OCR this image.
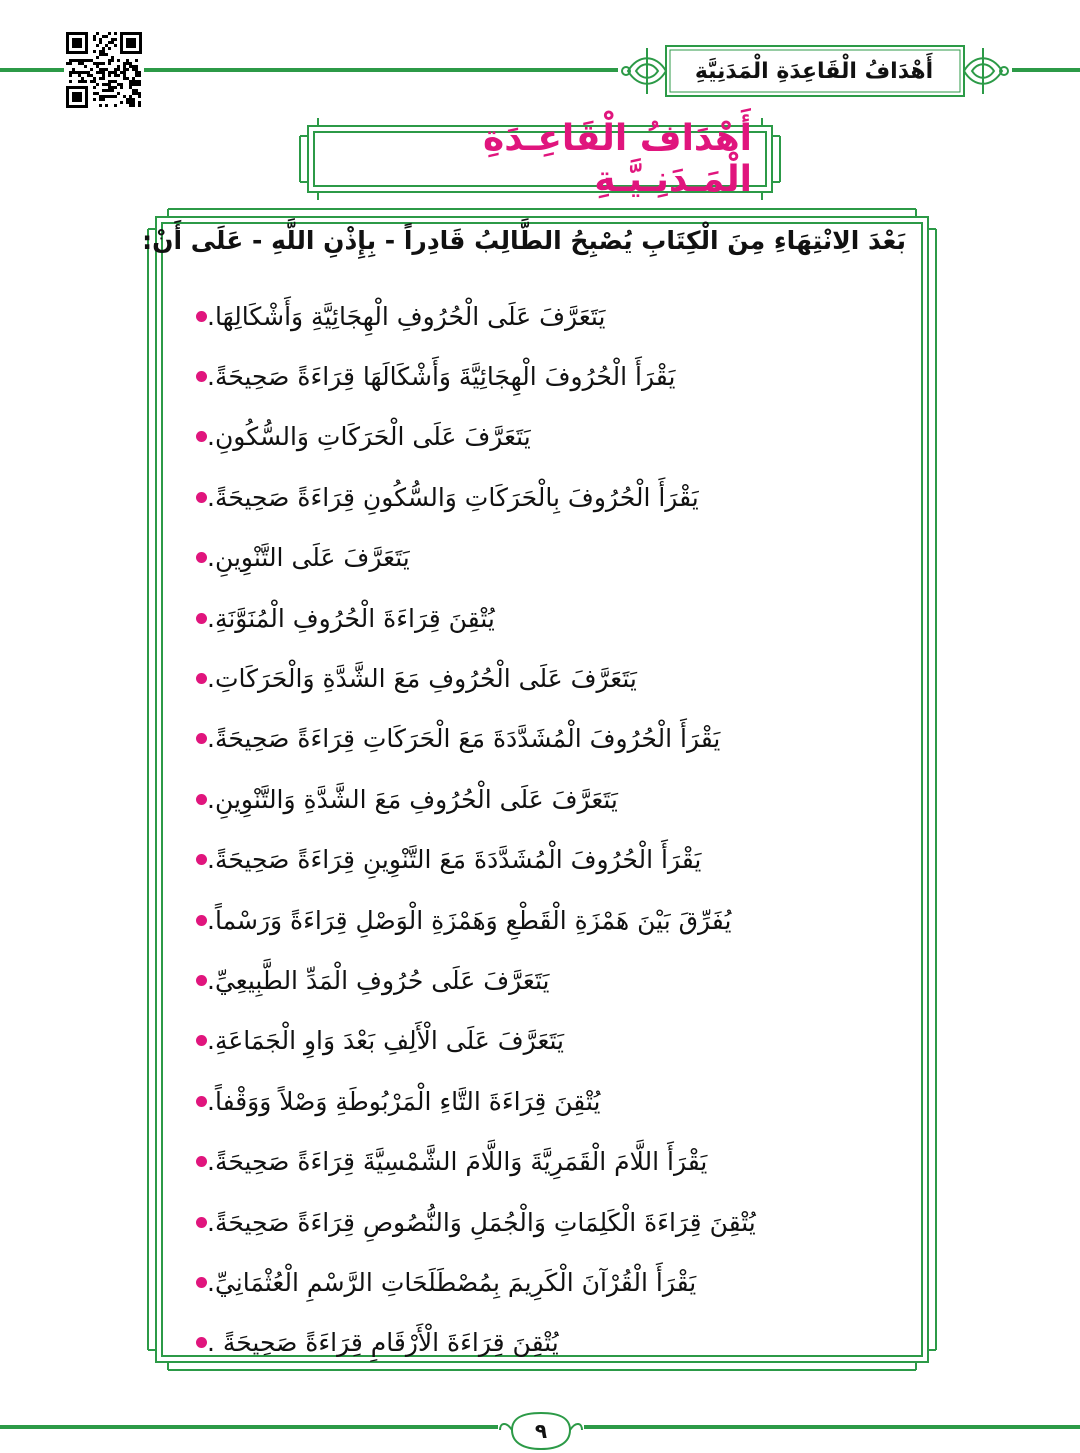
أَهْدَافُ الْقَاعِدَةِ الْمَدَنِيَّةِ
أَهْدَافُ الْقَاعِـدَةِ الْمَـدَنِـيَّـةِ
بَعْدَ الِانْتِهَاءِ مِنَ الْكِتَابِ يُصْبِحُ الطَّالِبُ قَادِراً - بِإِذْنِ اللَّهِ - عَلَى أَنْ:
يَتَعَرَّفَ عَلَى الْحُرُوفِ الْهِجَائِيَّةِ وَأَشْكَالِهَا.
يَقْرَأَ الْحُرُوفَ الْهِجَائِيَّةَ وَأَشْكَالَهَا قِرَاءَةً صَحِيحَةً.
يَتَعَرَّفَ عَلَى الْحَرَكَاتِ وَالسُّكُونِ.
يَقْرَأَ الْحُرُوفَ بِالْحَرَكَاتِ وَالسُّكُونِ قِرَاءَةً صَحِيحَةً.
يَتَعَرَّفَ عَلَى التَّنْوِينِ.
يُتْقِنَ قِرَاءَةَ الْحُرُوفِ الْمُنَوَّنَةِ.
يَتَعَرَّفَ عَلَى الْحُرُوفِ مَعَ الشَّدَّةِ وَالْحَرَكَاتِ.
يَقْرَأَ الْحُرُوفَ الْمُشَدَّدَةَ مَعَ الْحَرَكَاتِ قِرَاءَةً صَحِيحَةً.
يَتَعَرَّفَ عَلَى الْحُرُوفِ مَعَ الشَّدَّةِ وَالتَّنْوِينِ.
يَقْرَأَ الْحُرُوفَ الْمُشَدَّدَةَ مَعَ التَّنْوِينِ قِرَاءَةً صَحِيحَةً.
يُفَرِّقَ بَيْنَ هَمْزَةِ الْقَطْعِ وَهَمْزَةِ الْوَصْلِ قِرَاءَةً وَرَسْماً.
يَتَعَرَّفَ عَلَى حُرُوفِ الْمَدِّ الطَّبِيعِيِّ.
يَتَعَرَّفَ عَلَى الْأَلِفِ بَعْدَ وَاوِ الْجَمَاعَةِ.
يُتْقِنَ قِرَاءَةَ التَّاءِ الْمَرْبُوطَةِ وَصْلاً وَوَقْفاً.
يَقْرَأَ اللَّامَ الْقَمَرِيَّةَ وَاللَّامَ الشَّمْسِيَّةَ قِرَاءَةً صَحِيحَةً.
يُتْقِنَ قِرَاءَةَ الْكَلِمَاتِ وَالْجُمَلِ وَالنُّصُوصِ قِرَاءَةً صَحِيحَةً.
يَقْرَأَ الْقُرْآنَ الْكَرِيمَ بِمُصْطَلَحَاتِ الرَّسْمِ الْعُثْمَانِيِّ.
يُتْقِنَ قِرَاءَةَ الْأَرْقَامِ قِرَاءَةً صَحِيحَةً .
٩
